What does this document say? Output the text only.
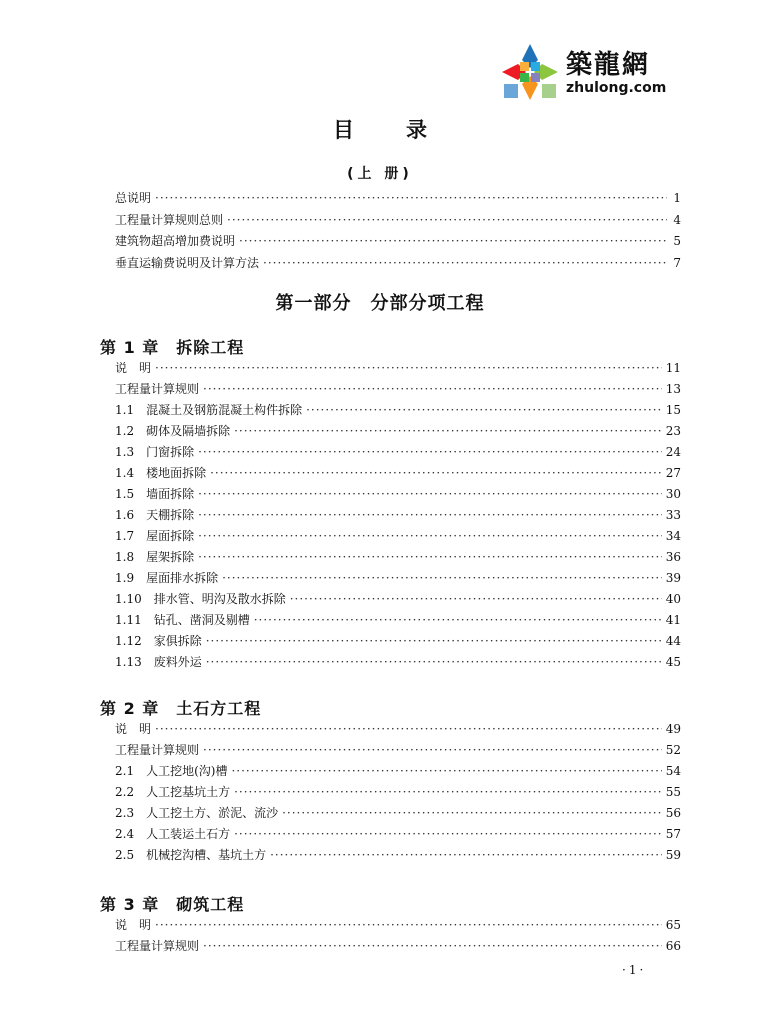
築龍網
zhulong.com
目录
(上 册)
总说明 ·····	1
工程量计算规则总则 ·····	4
建筑物超高增加费说明 ·····	5
垂直运输费说明及计算方法 ·····	7
第一部分　分部分项工程
第 1 章　拆除工程
说　明 ·····	11
工程量计算规则 ·····	13
1.1　混凝土及钢筋混凝土构件拆除 ·····	15
1.2　砌体及隔墙拆除 ·····	23
1.3　门窗拆除 ·····	24
1.4　楼地面拆除 ·····	27
1.5　墙面拆除 ·····	30
1.6　天棚拆除 ·····	33
1.7　屋面拆除 ·····	34
1.8　屋架拆除 ·····	36
1.9　屋面排水拆除 ·····	39
1.10　排水管、明沟及散水拆除 ·····	40
1.11　钻孔、凿洞及剔槽 ·····	41
1.12　家俱拆除 ·····	44
1.13　废料外运 ·····	45
第 2 章　土石方工程
说　明 ·····	49
工程量计算规则 ·····	52
2.1　人工挖地(沟)槽 ·····	54
2.2　人工挖基坑土方 ·····	55
2.3　人工挖土方、淤泥、流沙 ·····	56
2.4　人工装运土石方 ·····	57
2.5　机械挖沟槽、基坑土方 ·····	59
第 3 章　砌筑工程
说　明 ·····	65
工程量计算规则 ·····	66
·1·
